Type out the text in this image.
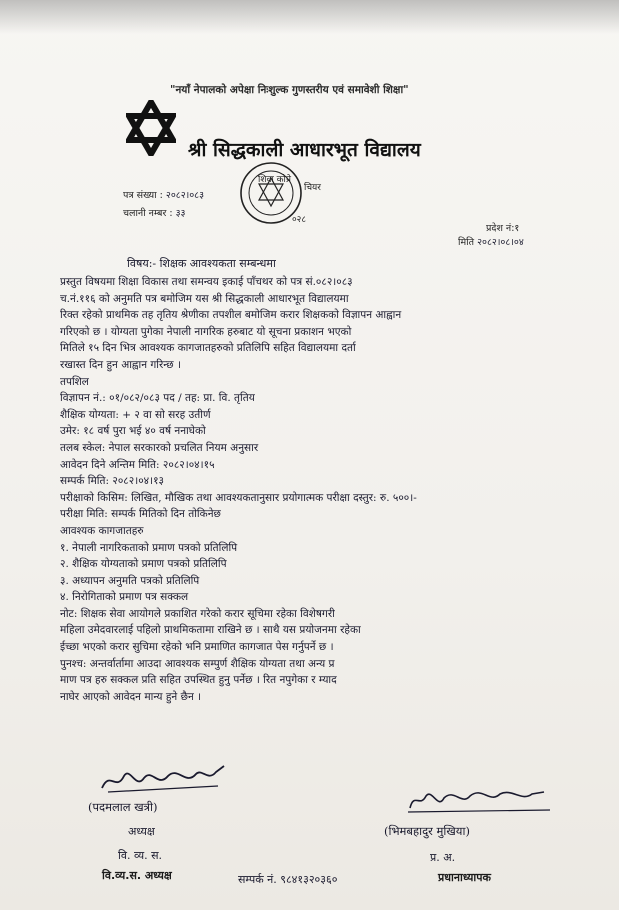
"नयाँ नेपालको अपेक्षा निःशुल्क गुणस्तरीय एवं समावेशी शिक्षा"
श्री सिद्धकाली आधारभूत विद्यालय
शिवा कोप्रे
चियर
०२८
पत्र संख्या : २०८२।०८३
चलानी नम्बर : ३३
प्रदेश नं:१
मिति २०८२।०८।०४
विषय:- शिक्षक आवश्यकता सम्बन्धमा

प्रस्तुत विषयमा शिक्षा विकास तथा समन्वय इकाई पाँचथर को पत्र सं.०८२।०८३

च.नं.११६ को अनुमति पत्र बमोजिम यस श्री सिद्धकाली आधारभूत विद्यालयमा

रिक्त रहेको प्राथमिक तह तृतिय श्रेणीका तपशील बमोजिम करार शिक्षकको विज्ञापन आह्वान

गरिएको छ । योग्यता पुगेका नेपाली नागरिक हरुबाट यो सूचना प्रकाशन भएको

मितिले १५ दिन भित्र आवश्यक कागजातहरुको प्रतिलिपि सहित विद्यालयमा दर्ता

रखास्त दिन हुन आह्वान गरिन्छ ।

तपशिल

विज्ञापन नं.: ०१/०८२/०८३ पद / तह: प्रा. वि. तृतिय

शैक्षिक योग्यता: + २ वा सो सरह उतीर्ण

उमेर: १८ वर्ष पुरा भई ४० वर्ष ननाघेको

तलब स्केल: नेपाल सरकारको प्रचलित नियम अनुसार

आवेदन दिने अन्तिम मिति: २०८२।०४।१५

सम्पर्क मिति: २०८२।०४।१३

परीक्षाको किसिम: लिखित, मौखिक तथा आवश्यकतानुसार प्रयोगात्मक परीक्षा दस्तुर: रु. ५००।-

परीक्षा मिति: सम्पर्क मितिको दिन तोकिनेछ

आवश्यक कागजातहरु

१. नेपाली नागरिकताको प्रमाण पत्रको प्रतिलिपि

२. शैक्षिक योग्यताको प्रमाण पत्रको प्रतिलिपि

३. अध्यापन अनुमति पत्रको प्रतिलिपि

४. निरोगिताको प्रमाण पत्र सक्कल

नोट: शिक्षक सेवा आयोगले प्रकाशित गरेको करार सूचिमा रहेका विशेषगरी

महिला उमेदवारलाई पहिलो प्राथमिकतामा राखिने छ । साथै यस प्रयोजनमा रहेका

ईच्छा भएको करार सुचिमा रहेको भनि प्रमाणित कागजात पेस गर्नुपर्ने छ ।

पुनश्च: अन्तर्वार्तामा आउदा आवश्यक सम्पुर्ण शैक्षिक योग्यता तथा अन्य प्र

माण पत्र हरु सक्कल प्रति सहित उपस्थित हुनु पर्नेछ । रित नपुगेका र म्याद

नाघेर आएको आवेदन मान्य हुने छैन ।

(पदमलाल खत्री)
अध्यक्ष
वि. व्य. स.
(भिमबहादुर मुखिया)
प्र. अ.
वि.व्य.स. अध्यक्ष	सम्पर्क नं. ९८४१३२०३६०	प्रधानाध्यापक
